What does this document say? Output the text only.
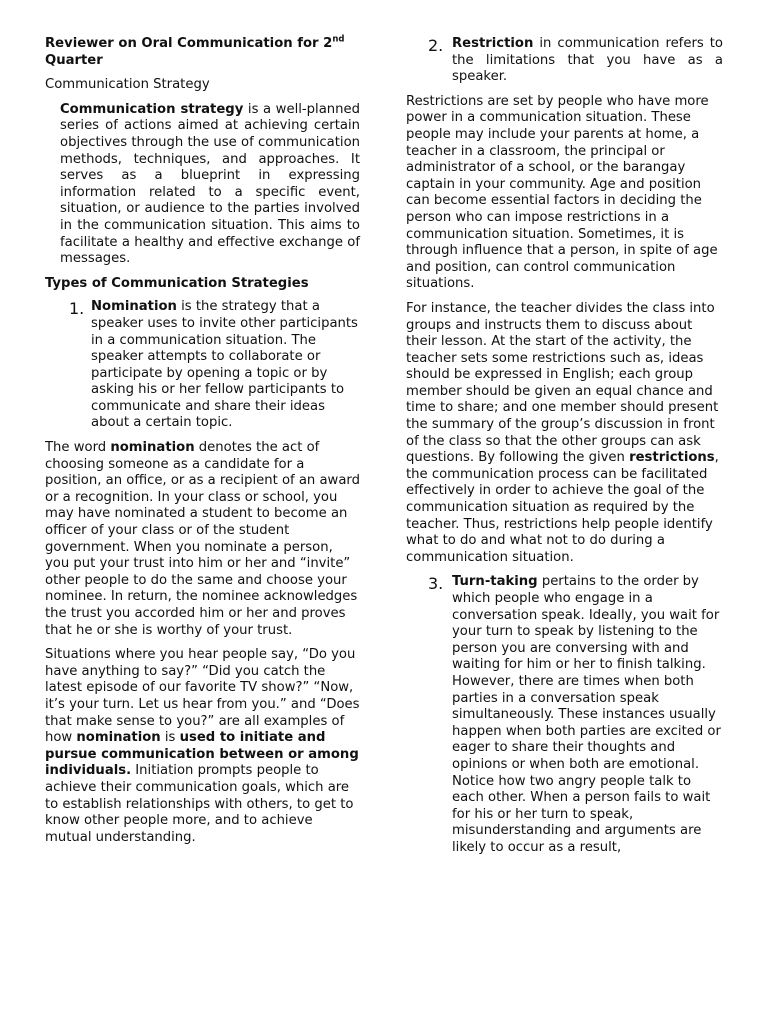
Reviewer on Oral Communication for 2nd Quarter

Communication Strategy

Communication strategy is a well-planned series of actions aimed at achieving certain objectives through the use of communication methods, techniques, and approaches. It serves as a blueprint in expressing information related to a specific event, situation, or audience to the parties involved in the communication situation. This aims to facilitate a healthy and effective exchange of messages.

Types of Communication Strategies

1. Nomination is the strategy that a speaker uses to invite other participants in a communication situation. The speaker attempts to collaborate or participate by opening a topic or by asking his or her fellow participants to communicate and share their ideas about a certain topic.

The word nomination denotes the act of choosing someone as a candidate for a position, an office, or as a recipient of an award or a recognition. In your class or school, you may have nominated a student to become an officer of your class or of the student government. When you nominate a person, you put your trust into him or her and “invite” other people to do the same and choose your nominee. In return, the nominee acknowledges the trust you accorded him or her and proves that he or she is worthy of your trust.

Situations where you hear people say, “Do you have anything to say?” “Did you catch the latest episode of our favorite TV show?” “Now, it’s your turn. Let us hear from you.” and “Does that make sense to you?” are all examples of how nomination is used to initiate and pursue communication between or among individuals. Initiation prompts people to achieve their communication goals, which are to establish relationships with others, to get to know other people more, and to achieve mutual understanding.

2. Restriction in communication refers to the limitations that you have as a speaker.

Restrictions are set by people who have more power in a communication situation. These people may include your parents at home, a teacher in a classroom, the principal or administrator of a school, or the barangay captain in your community. Age and position can become essential factors in deciding the person who can impose restrictions in a communication situation. Sometimes, it is through influence that a person, in spite of age and position, can control communication situations.

For instance, the teacher divides the class into groups and instructs them to discuss about their lesson. At the start of the activity, the teacher sets some restrictions such as, ideas should be expressed in English; each group member should be given an equal chance and time to share; and one member should present the summary of the group’s discussion in front of the class so that the other groups can ask questions. By following the given restrictions, the communication process can be facilitated effectively in order to achieve the goal of the communication situation as required by the teacher. Thus, restrictions help people identify what to do and what not to do during a communication situation.

3. Turn-taking pertains to the order by which people who engage in a conversation speak. Ideally, you wait for your turn to speak by listening to the person you are conversing with and waiting for him or her to finish talking. However, there are times when both parties in a conversation speak simultaneously. These instances usually happen when both parties are excited or eager to share their thoughts and opinions or when both are emotional. Notice how two angry people talk to each other. When a person fails to wait for his or her turn to speak, misunderstanding and arguments are likely to occur as a result,
